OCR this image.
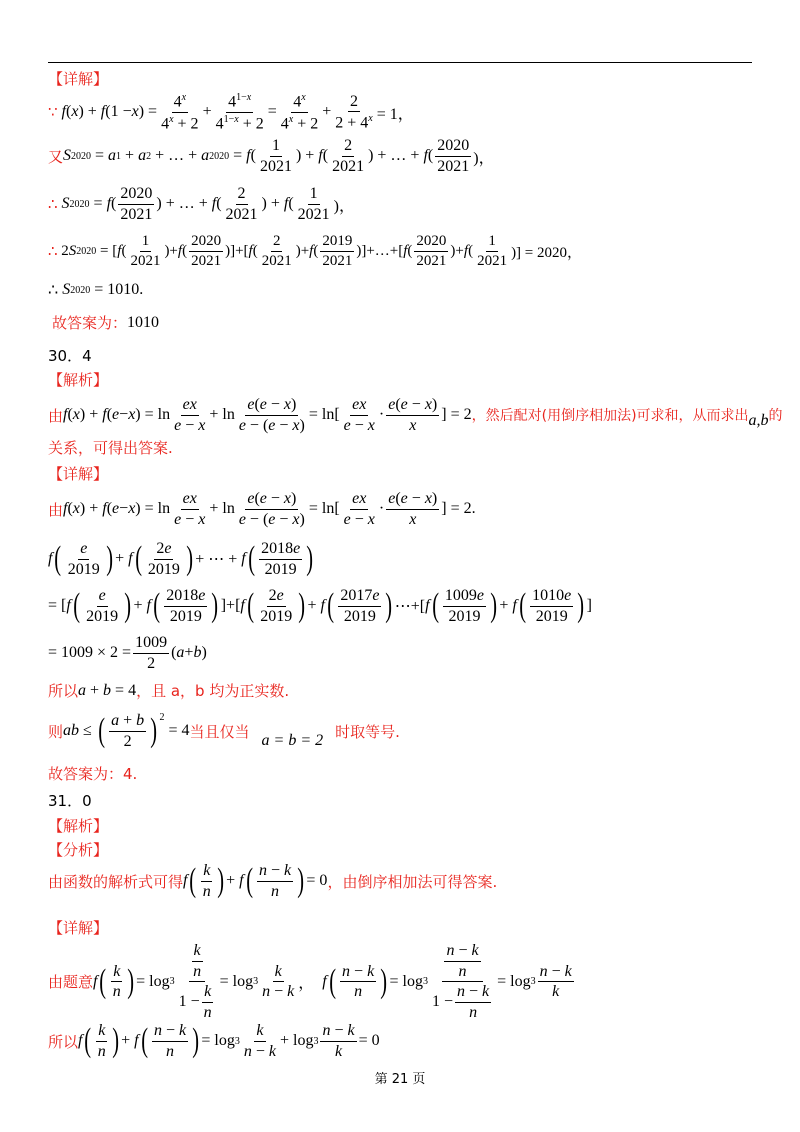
【详解】
∵ f ( x ) + f (1 − x ) = $\frac{4^x}{4^x + 2} + \frac{4^{1-x}}{4^{1-x} + 2} = \frac{4^x}{4^x + 2} + \frac{2}{2 + 4^x} = 1$，
又 S 2020 = a 1 + a 2 + … + a 2020 = f ( $\frac{1}{2021}$ ) + f ( $\frac{2}{2021}$ ) + … + f ( $\frac{2020}{2021}$ )，
∴
S 2020 = f ( $\frac{2020}{2021}$ ) + … + f ( $\frac{2}{2021}$ ) + f ( $\frac{1}{2021}$ )，
∴ 2 S 2020 = [ f ( $\frac{1}{2021}$ )+ f ( $\frac{2020}{2021}$ )]+[ f ( $\frac{2}{2021}$ )+ f ( $\frac{2019}{2021}$ )]+…+[ f ( $\frac{2020}{2021}$ )+ f ( $\frac{1}{2021}$ )] = 2020，
∴ S 2020 = 1010.
故答案为： 1010
30．4
【解析】
由 f ( x ) + f ( e − x ) = $\ln \frac{ex}{e - x} + \ln \frac{e(e - x)}{e - (e - x)} = \ln[ \frac{ex}{e - x} \cdot \frac{e(e - x)}{x}$ ] = 2 ，然后配对(用倒序相加法)可求和，从而求出 a,b 的
关系，可得出答案.
【详解】
由 f ( x ) + f ( e − x ) = $\ln \frac{ex}{e - x} + \ln \frac{e(e - x)}{e - (e - x)} = \ln[ \frac{ex}{e - x} \cdot \frac{e(e - x)}{x}$ ] = 2.
f ( $\frac{e}{2019}$ ) + f ( $\frac{2e}{2019}$ ) + ⋯ + f ( $\frac{2018e}{2019}$ )
= [ f ( $\frac{e}{2019}$ ) + f ( $\frac{2018e}{2019}$ ) ]+[ f ( $\frac{2e}{2019}$ ) + f ( $\frac{2017e}{2019}$ ) ⋯+[ f ( $\frac{1009e}{2019}$ ) + f ( $\frac{1010e}{2019}$ ) ]
= $1009 \times 2 = \frac{1009}{2}$ ( a + b )
所以 a + b = 4 ，且 a，b 均为正实数.
则 ab ≤ ( $\frac{a + b}{2} )^2$
= 4 当且仅当 a = b = 2 时取等号.
故答案为：4.
31．0
【解析】
【分析】
由函数的解析式可得 f ( $\frac{k}{n}$ ) + f ( $\frac{n - k}{n}$ ) = 0 ，由倒序相加法可得答案.
【详解】
由题意 f ( $\frac{k}{n}$ ) = $\log 3 \frac{\frac{k}{n}}{1 - \frac{k}{n}} = \log 3 \frac{k}{n - k}$ ， f ( $\frac{n - k}{n}$ ) = $\log 3 \frac{\frac{n - k}{n}}{1 - \frac{n - k}{n}} = \log 3 \frac{n - k}{k}$
所以 f ( $\frac{k}{n}$ ) + f ( $\frac{n - k}{n}$ ) = $\log 3 \frac{k}{n - k} + \log 3 \frac{n - k}{k} = 0$
第 21 页
